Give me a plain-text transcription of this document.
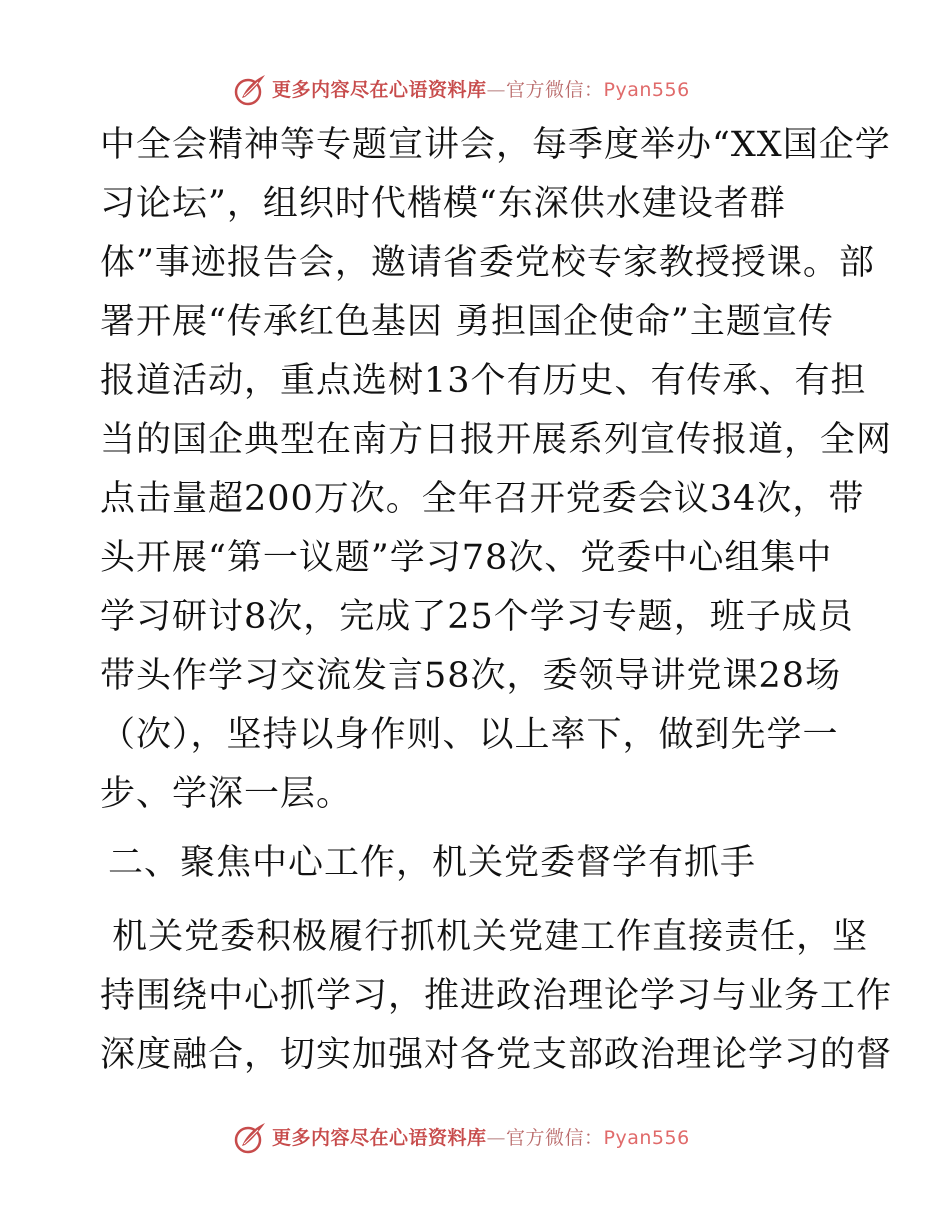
更多内容尽在心语资料库—官方微信：Pyan556
中全会精神等专题宣讲会，每季度举办“XX国企学
习论坛”，组织时代楷模“东深供水建设者群
体”事迹报告会，邀请省委党校专家教授授课。部
署开展“传承红色基因 勇担国企使命”主题宣传
报道活动，重点选树13个有历史、有传承、有担
当的国企典型在南方日报开展系列宣传报道，全网
点击量超200万次。全年召开党委会议34次，带
头开展“第一议题”学习78次、党委中心组集中
学习研讨8次，完成了25个学习专题，班子成员
带头作学习交流发言58次，委领导讲党课28场
（次），坚持以身作则、以上率下，做到先学一
步、学深一层。
二、聚焦中心工作，机关党委督学有抓手
机关党委积极履行抓机关党建工作直接责任，坚
持围绕中心抓学习，推进政治理论学习与业务工作
深度融合，切实加强对各党支部政治理论学习的督
更多内容尽在心语资料库—官方微信：Pyan556
